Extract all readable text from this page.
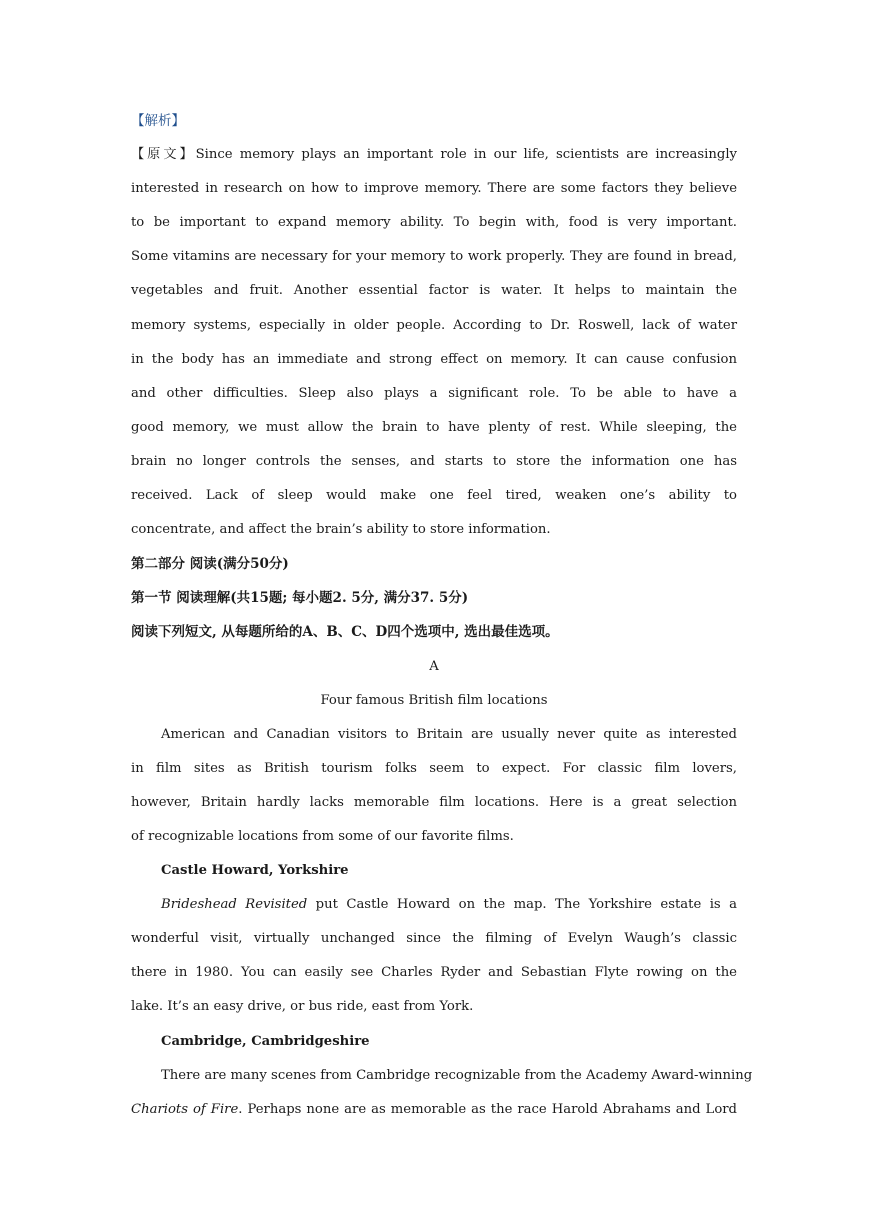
【解析】
【原文】Since memory plays an important role in our life, scientists are increasingly
interested in research on how to improve memory. There are some factors they believe
to be important to expand memory ability. To begin with, food is very important.
Some vitamins are necessary for your memory to work properly. They are found in bread,
vegetables and fruit. Another essential factor is water. It helps to maintain the
memory systems, especially in older people. According to Dr. Roswell, lack of water
in the body has an immediate and strong effect on memory. It can cause confusion
and other difficulties. Sleep also plays a significant role. To be able to have a
good memory, we must allow the brain to have plenty of rest. While sleeping, the
brain no longer controls the senses, and starts to store the information one has
received. Lack of sleep would make one feel tired, weaken one’s ability to
concentrate, and affect the brain’s ability to store information.
第二部分 阅读(满分50分)
第一节 阅读理解(共15题; 每小题2. 5分, 满分37. 5分)
阅读下列短文, 从每题所给的A、B、C、D四个选项中, 选出最佳选项。
A
Four famous British film locations
American and Canadian visitors to Britain are usually never quite as interested
in film sites as British tourism folks seem to expect. For classic film lovers,
however, Britain hardly lacks memorable film locations. Here is a great selection
of recognizable locations from some of our favorite films.
Castle Howard, Yorkshire
Brideshead Revisited put Castle Howard on the map. The Yorkshire estate is a
wonderful visit, virtually unchanged since the filming of Evelyn Waugh’s classic
there in 1980. You can easily see Charles Ryder and Sebastian Flyte rowing on the
lake. It’s an easy drive, or bus ride, east from York.
Cambridge, Cambridgeshire
There are many scenes from Cambridge recognizable from the Academy Award-winning
Chariots of Fire. Perhaps none are as memorable as the race Harold Abrahams and Lord
